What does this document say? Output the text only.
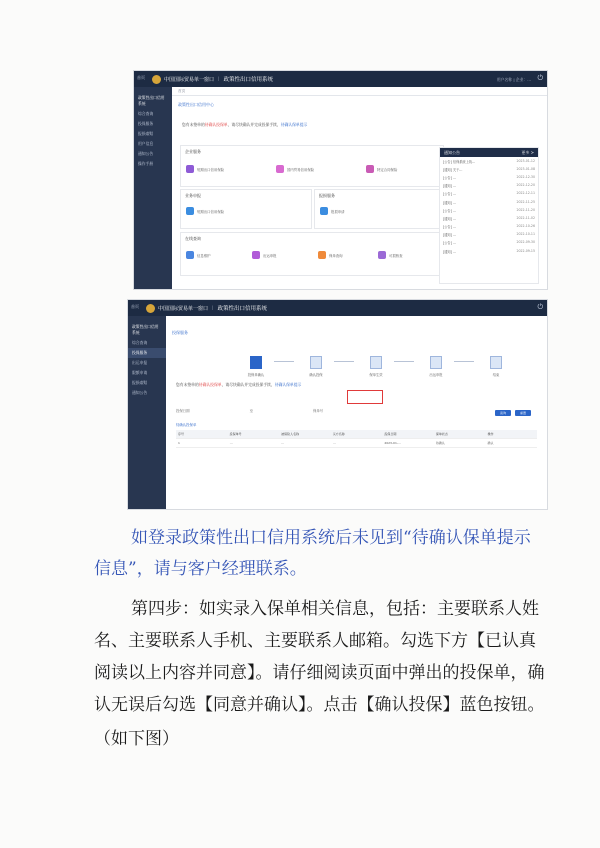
首页	中国国际贸易单一窗口 | 政策性出口信用系统	用户名称 | 企业：… ⏻
政策性出口信用系统
综合查询
投保服务
报损索赔
用户信息
通知公告
操作手册
首页
政策性出口信用中心
您有未签单的待确认投保单，请尽快确认并完成投保手续，待确认保单提示
企业服务
短期出口信用保险	国内贸易信用保险	特定合同保险
业务申报
短期出口信用保险
报损服务
报损申请
在线查询
信息维护	出运申报	保单查询	可损核查
通知公告	更多 >
[公告] 信保系统上线…	2023-01-12
[通知] 关于…	2023-01-08
[公告] …	2022-12-30
[通知] …	2022-12-20
[公告] …	2022-12-11
[通知] …	2022-11-25
[公告] …	2022-11-20
[通知] …	2022-11-02
[公告] …	2022-10-26
[通知] …	2022-10-11
[公告] …	2022-09-30
[通知] …	2022-09-15
首页	中国国际贸易单一窗口 | 政策性出口信用系统	⏻
政策性出口信用系统
综合查询
投保服务
出运申报
限额申请
报损索赔
通知公告
投保服务
投保单确认	确认投保	保单生效	出运申报	结束
您有未签单的待确认投保单，请尽快确认并完成投保手续，待确认保单提示
投保日期	至	保单号	查询	重置
待确认投保单
序号	投保单号	被保险人名称	买方名称	投保日期	保单状态	操作
1	…	…	…	2023-01-…	待确认	确认
如登录政策性出口信用系统后未见到“待确认保单提示
信息”，请与客户经理联系。
第四步：如实录入保单相关信息，包括：主要联系人姓
名、主要联系人手机、主要联系人邮箱。勾选下方【已认真
阅读以上内容并同意】。请仔细阅读页面中弹出的投保单，确
认无误后勾选【同意并确认】。点击【确认投保】蓝色按钮。
（如下图）
